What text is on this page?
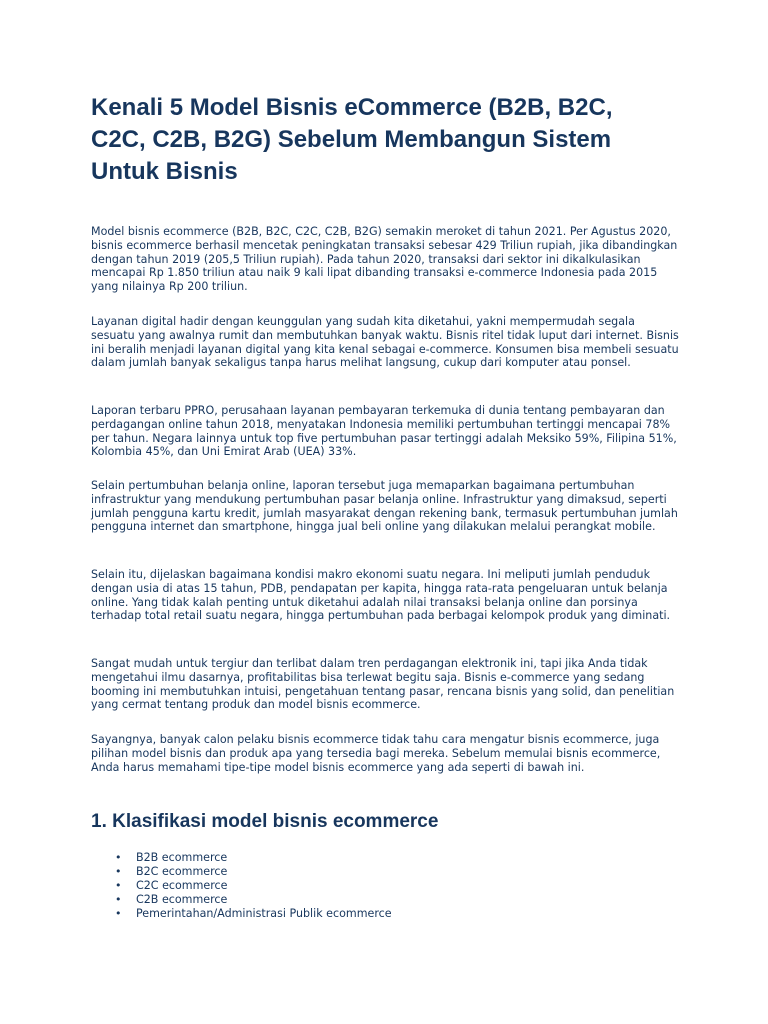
Kenali 5 Model Bisnis eCommerce (B2B, B2C, C2C, C2B, B2G) Sebelum Membangun Sistem Untuk Bisnis

Model bisnis ecommerce (B2B, B2C, C2C, C2B, B2G) semakin meroket di tahun 2021. Per Agustus 2020, bisnis ecommerce berhasil mencetak peningkatan transaksi sebesar 429 Triliun rupiah, jika dibandingkan dengan tahun 2019 (205,5 Triliun rupiah). Pada tahun 2020, transaksi dari sektor ini dikalkulasikan mencapai Rp 1.850 triliun atau naik 9 kali lipat dibanding transaksi e-commerce Indonesia pada 2015 yang nilainya Rp 200 triliun.

Layanan digital hadir dengan keunggulan yang sudah kita diketahui, yakni mempermudah segala sesuatu yang awalnya rumit dan membutuhkan banyak waktu. Bisnis ritel tidak luput dari internet. Bisnis ini beralih menjadi layanan digital yang kita kenal sebagai e-commerce. Konsumen bisa membeli sesuatu dalam jumlah banyak sekaligus tanpa harus melihat langsung, cukup dari komputer atau ponsel.

Laporan terbaru PPRO, perusahaan layanan pembayaran terkemuka di dunia tentang pembayaran dan perdagangan online tahun 2018, menyatakan Indonesia memiliki pertumbuhan tertinggi mencapai 78% per tahun. Negara lainnya untuk top five pertumbuhan pasar tertinggi adalah Meksiko 59%, Filipina 51%, Kolombia 45%, dan Uni Emirat Arab (UEA) 33%.

Selain pertumbuhan belanja online, laporan tersebut juga memaparkan bagaimana pertumbuhan infrastruktur yang mendukung pertumbuhan pasar belanja online. Infrastruktur yang dimaksud, seperti jumlah pengguna kartu kredit, jumlah masyarakat dengan rekening bank, termasuk pertumbuhan jumlah pengguna internet dan smartphone, hingga jual beli online yang dilakukan melalui perangkat mobile.

Selain itu, dijelaskan bagaimana kondisi makro ekonomi suatu negara. Ini meliputi jumlah penduduk dengan usia di atas 15 tahun, PDB, pendapatan per kapita, hingga rata-rata pengeluaran untuk belanja online. Yang tidak kalah penting untuk diketahui adalah nilai transaksi belanja online dan porsinya terhadap total retail suatu negara, hingga pertumbuhan pada berbagai kelompok produk yang diminati.

Sangat mudah untuk tergiur dan terlibat dalam tren perdagangan elektronik ini, tapi jika Anda tidak mengetahui ilmu dasarnya, profitabilitas bisa terlewat begitu saja. Bisnis e-commerce yang sedang booming ini membutuhkan intuisi, pengetahuan tentang pasar, rencana bisnis yang solid, dan penelitian yang cermat tentang produk dan model bisnis ecommerce.

Sayangnya, banyak calon pelaku bisnis ecommerce tidak tahu cara mengatur bisnis ecommerce, juga pilihan model bisnis dan produk apa yang tersedia bagi mereka. Sebelum memulai bisnis ecommerce, Anda harus memahami tipe-tipe model bisnis ecommerce yang ada seperti di bawah ini.

1. Klasifikasi model bisnis ecommerce
• B2B ecommerce
• B2C ecommerce
• C2C ecommerce
• C2B ecommerce
• Pemerintahan/Administrasi Publik ecommerce
